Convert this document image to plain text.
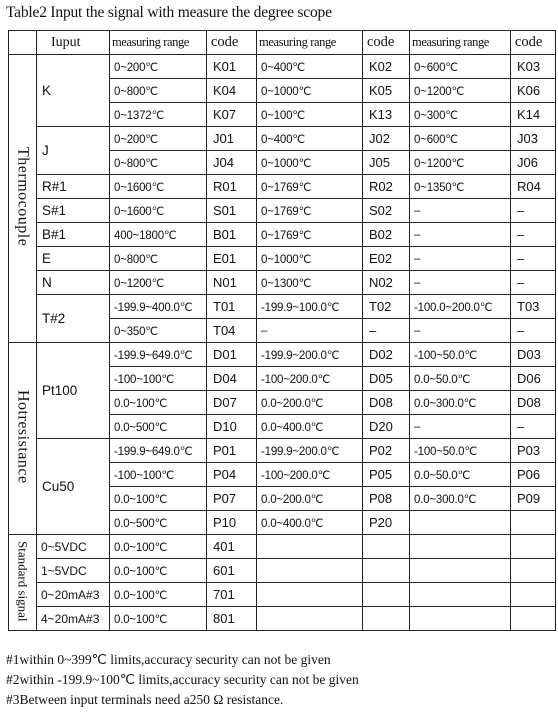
Table2 Input the signal with measure the degree scope
	Iuput	measuring range	code	measuring range	code	measuring range	code
Thermocouple	K	0~200℃	K01	0~400℃	K02	0~600℃	K03
		0~800℃	K04	0~1000℃	K05	0~1200℃	K06
		0~1372℃	K07	0~100℃	K13	0~300℃	K14
	J	0~200℃	J01	0~400℃	J02	0~600℃	J03
		0~800℃	J04	0~1000℃	J05	0~1200℃	J06
	R#1	0~1600℃	R01	0~1769℃	R02	0~1350℃	R04
	S#1	0~1600℃	S01	0~1769℃	S02	–	–
	B#1	400~1800℃	B01	0~1769℃	B02	–	–
	E	0~800℃	E01	0~1000℃	E02	–	–
	N	0~1200℃	N01	0~1300℃	N02	–	–
	T#2	-199.9~400.0℃	T01	-199.9~100.0℃	T02	-100.0~200.0℃	T03
		0~350℃	T04	–	–	–	–
Hotresistance	Pt100	-199.9~649.0℃	D01	-199.9~200.0℃	D02	-100~50.0℃	D03
		-100~100℃	D04	-100~200.0℃	D05	0.0~50.0℃	D06
		0.0~100℃	D07	0.0~200.0℃	D08	0.0~300.0℃	D08
		0.0~500℃	D10	0.0~400.0℃	D20	–	–
	Cu50	-199.9~649.0℃	P01	-199.9~200.0℃	P02	-100~50.0℃	P03
		-100~100℃	P04	-100~200.0℃	P05	0.0~50.0℃	P06
		0.0~100℃	P07	0.0~200.0℃	P08	0.0~300.0℃	P09
		0.0~500℃	P10	0.0~400.0℃	P20		
Standard signal	0~5VDC	0.0~100℃	401				
	1~5VDC	0.0~100℃	601				
	0~20mA#3	0.0~100℃	701				
	4~20mA#3	0.0~100℃	801				
#1within 0~399℃ limits,accuracy security can not be given
#2within -199.9~100℃ limits,accuracy security can not be given
#3Between input terminals need a250 Ω resistance.
